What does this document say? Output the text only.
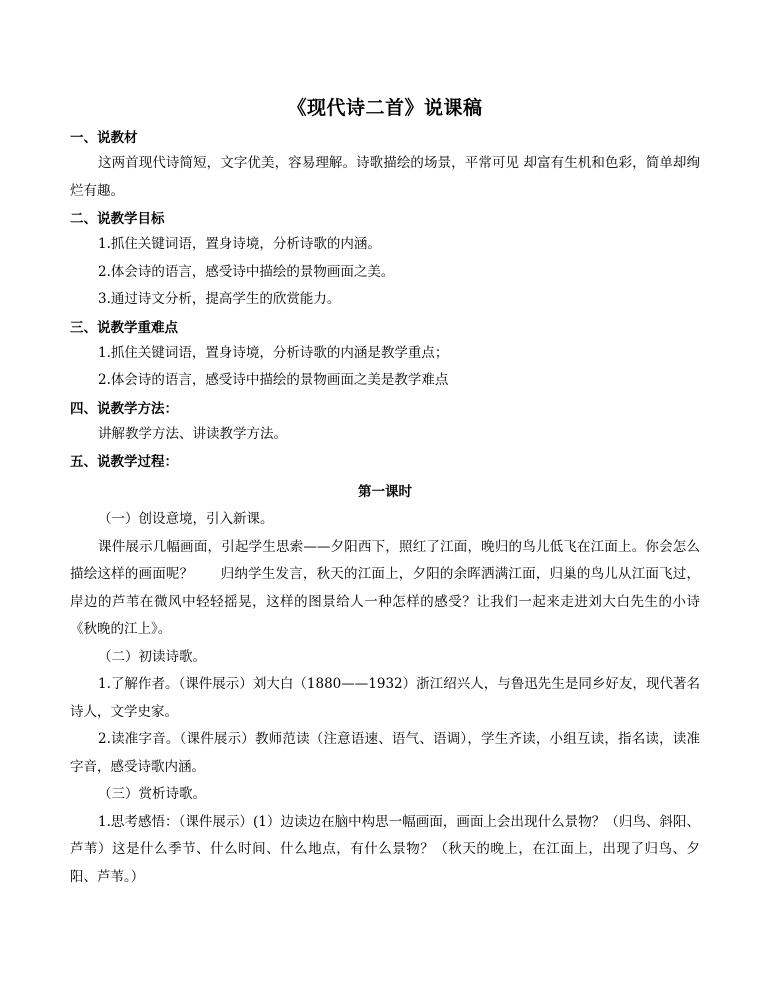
《现代诗二首》说课稿
一、说教材

这两首现代诗简短，文字优美，容易理解。诗歌描绘的场景，平常可见 却富有生机和色彩，简单却绚烂有趣。

二、说教学目标

1.抓住关键词语，置身诗境，分析诗歌的内涵。

2.体会诗的语言，感受诗中描绘的景物画面之美。

3.通过诗文分析，提高学生的欣赏能力。

三、说教学重难点

1.抓住关键词语，置身诗境，分析诗歌的内涵是教学重点；

2.体会诗的语言，感受诗中描绘的景物画面之美是教学难点

四、说教学方法：

讲解教学方法、讲读教学方法。

五、说教学过程：
第一课时

（一）创设意境，引入新课。

课件展示几幅画面，引起学生思索——夕阳西下，照红了江面，晚归的鸟儿低飞在江面上。你会怎么描绘这样的画面呢？　　归纳学生发言，秋天的江面上，夕阳的余晖洒满江面，归巢的鸟儿从江面飞过，岸边的芦苇在微风中轻轻摇晃，这样的图景给人一种怎样的感受？让我们一起来走进刘大白先生的小诗《秋晚的江上》。

（二）初读诗歌。

1.了解作者。（课件展示）刘大白（1880——1932）浙江绍兴人，与鲁迅先生是同乡好友，现代著名诗人，文学史家。

2.读准字音。（课件展示）教师范读（注意语速、语气、语调），学生齐读，小组互读，指名读，读准字音，感受诗歌内涵。

（三）赏析诗歌。

1.思考感悟：（课件展示）(1）边读边在脑中构思一幅画面，画面上会出现什么景物？（归鸟、斜阳、芦苇）这是什么季节、什么时间、什么地点，有什么景物？（秋天的晚上，在江面上，出现了归鸟、夕阳、芦苇。）
